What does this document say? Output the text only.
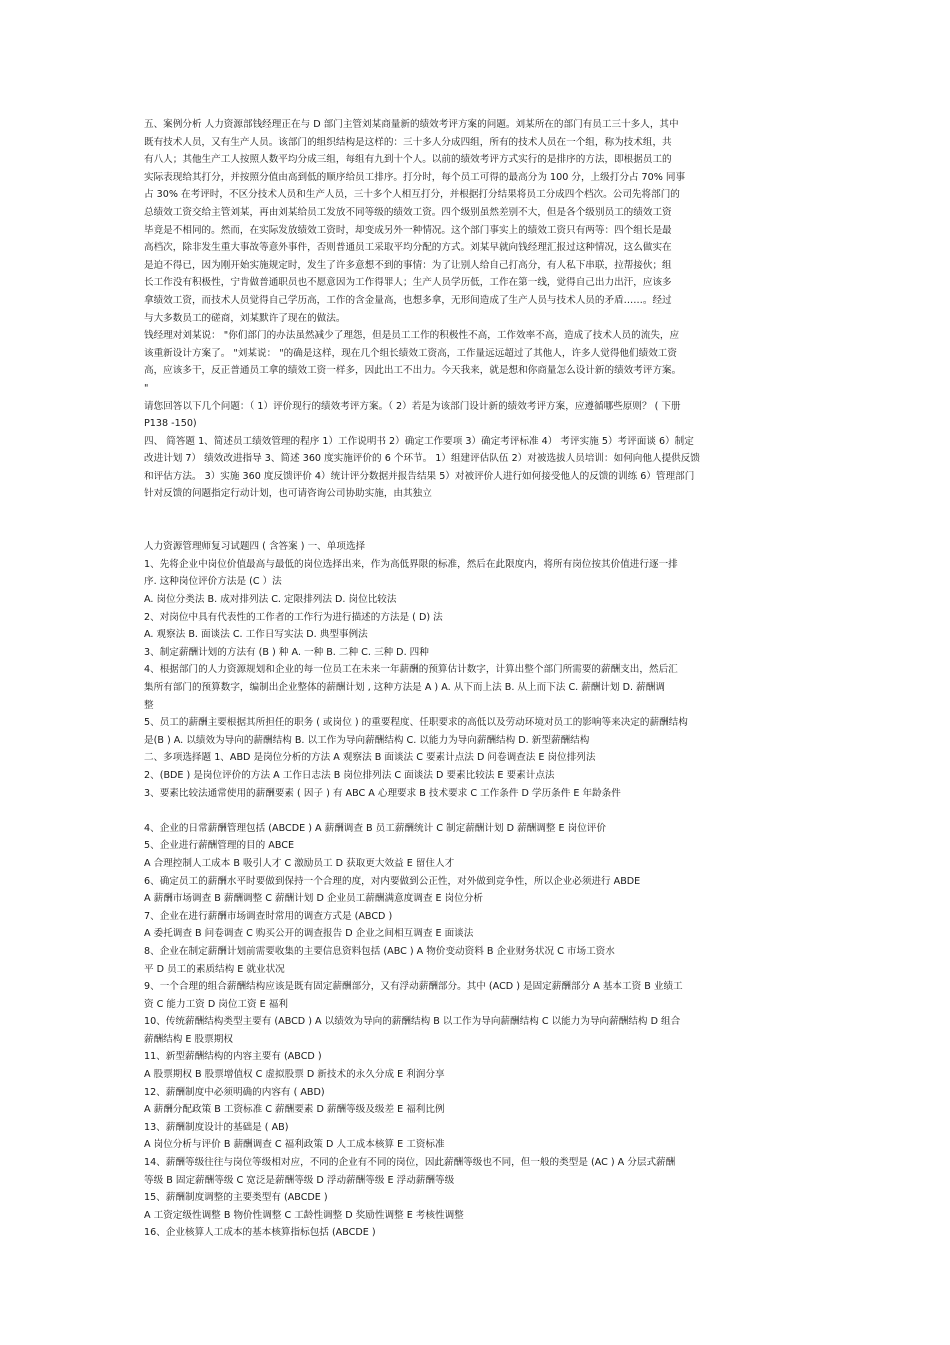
五、案例分析 人力资源部钱经理正在与 D 部门主管刘某商量新的绩效考评方案的问题。刘某所在的部门有员工三十多人，其中
既有技术人员，又有生产人员。该部门的组织结构是这样的：三十多人分成四组，所有的技术人员在一个组，称为技术组，共
有八人；其他生产工人按照人数平均分成三组，每组有九到十个人。以前的绩效考评方式实行的是排序的方法，即根据员工的
实际表现给其打分，并按照分值由高到低的顺序给员工排序。打分时，每个员工可得的最高分为 100 分，上级打分占 70% 同事
占 30% 在考评时，不区分技术人员和生产人员，三十多个人相互打分，并根据打分结果将员工分成四个档次。公司先将部门的
总绩效工资交给主管刘某，再由刘某给员工发放不同等级的绩效工资。四个级别虽然差别不大，但是各个级别员工的绩效工资
毕竟是不相同的。然而，在实际发放绩效工资时，却变成另外一种情况。这个部门事实上的绩效工资只有两等：四个组长是最
高档次，除非发生重大事故等意外事件，否则普通员工采取平均分配的方式。刘某早就向钱经理汇报过这种情况，这么做实在
是迫不得已，因为刚开始实施规定时，发生了许多意想不到的事情：为了让别人给自己打高分，有人私下串联，拉帮接伙；组
长工作没有积极性，宁肯做普通职员也不愿意因为工作得罪人；生产人员学历低，工作在第一线，觉得自己出力出汗，应该多
拿绩效工资，而技术人员觉得自己学历高，工作的含金量高，也想多拿，无形间造成了生产人员与技术人员的矛盾……。经过
与大多数员工的磋商，刘某默许了现在的做法。
钱经理对刘某说： "你们部门的办法虽然减少了理怨，但是员工工作的积极性不高，工作效率不高，造成了技术人员的流失，应
该重新设计方案了。 "刘某说： "的确是这样，现在几个组长绩效工资高，工作量远远超过了其他人，许多人觉得他们绩效工资
高，应该多干，反正普通员工拿的绩效工资一样多，因此出工不出力。今天我来，就是想和你商量怎么设计新的绩效考评方案。
"
请您回答以下几个问题：（ 1）评价现行的绩效考评方案。（ 2）若是为该部门设计新的绩效考评方案，应遵循哪些原则？ ( 下册
P138 -150)
四、 简答题 1、简述员工绩效管理的程序 1）工作说明书 2）确定工作要项 3）确定考评标准 4） 考评实施 5）考评面谈 6）制定
改进计划 7） 绩效改进指导 3、简述 360 度实施评价的 6 个环节。 1）组建评估队伍 2）对被选拔人员培训：如何向他人提供反馈
和评估方法。 3）实施 360 度反馈评价 4）统计评分数据并报告结果 5）对被评价人进行如何接受他人的反馈的训练 6）管理部门
针对反馈的问题指定行动计划，也可请咨询公司协助实施，由其独立
人力资源管理师复习试题四 ( 含答案 ) 一、单项选择
1、先将企业中岗位价值最高与最低的岗位选择出来，作为高低界限的标准，然后在此限度内，将所有岗位按其价值进行逐一排
序. 这种岗位评价方法是 (C ）法
A. 岗位分类法 B. 成对排列法 C. 定限排列法 D. 岗位比较法
2、对岗位中具有代表性的工作者的工作行为进行描述的方法是 ( D) 法
A. 观察法 B. 面谈法 C. 工作日写实法 D. 典型事例法
3、制定薪酬计划的方法有 (B ) 种 A. 一种 B. 二种 C. 三种 D. 四种
4、根据部门的人力资源规划和企业的每一位员工在未来一年薪酬的预算估计数字，计算出整个部门所需要的薪酬支出，然后汇
集所有部门的预算数字，编制出企业整体的薪酬计划 , 这种方法是 A ) A. 从下而上法 B. 从上而下法 C. 薪酬计划 D. 薪酬调
整
5、员工的薪酬主要根据其所担任的职务 ( 或岗位 ) 的重要程度、任职要求的高低以及劳动环境对员工的影响等来决定的薪酬结构
是(B ) A. 以绩效为导向的薪酬结构 B. 以工作为导向薪酬结构 C. 以能力为导向薪酬结构 D. 新型薪酬结构
二、多项选择题 1、ABD 是岗位分析的方法 A 观察法 B 面谈法 C 要素计点法 D 问卷调查法 E 岗位排列法
2、(BDE ) 是岗位评价的方法 A 工作日志法 B 岗位排列法 C 面谈法 D 要素比较法 E 要素计点法
3、要素比较法通常使用的薪酬要素 ( 因子 ) 有 ABC A 心理要求 B 技术要求 C 工作条件 D 学历条件 E 年龄条件
4、企业的日常薪酬管理包括 (ABCDE ) A 薪酬调查 B 员工薪酬统计 C 制定薪酬计划 D 薪酬调整 E 岗位评价
5、企业进行薪酬管理的目的 ABCE
A 合理控制人工成本 B 吸引人才 C 激励员工 D 获取更大效益 E 留住人才
6、确定员工的薪酬水平时要做到保持一个合理的度，对内要做到公正性，对外做到竞争性，所以企业必须进行 ABDE
A 薪酬市场调查 B 薪酬调整 C 薪酬计划 D 企业员工薪酬满意度调查 E 岗位分析
7、企业在进行薪酬市场调查时常用的调查方式是 (ABCD )
A 委托调查 B 问卷调查 C 购买公开的调查报告 D 企业之间相互调查 E 面谈法
8、企业在制定薪酬计划前需要收集的主要信息资料包括 (ABC ) A 物价变动资料 B 企业财务状况 C 市场工资水
平 D 员工的素质结构 E 就业状况
9、一个合理的组合薪酬结构应该是既有固定薪酬部分，又有浮动薪酬部分。其中 (ACD ) 是固定薪酬部分 A 基本工资 B 业绩工
资 C 能力工资 D 岗位工资 E 福利
10、传统薪酬结构类型主要有 (ABCD ) A 以绩效为导向的薪酬结构 B 以工作为导向薪酬结构 C 以能力为导向薪酬结构 D 组合
薪酬结构 E 股票期权
11、新型薪酬结构的内容主要有 (ABCD )
A 股票期权 B 股票增值权 C 虚拟股票 D 新技术的永久分成 E 利润分享
12、薪酬制度中必须明确的内容有 ( ABD)
A 薪酬分配政策 B 工资标准 C 薪酬要素 D 薪酬等级及级差 E 福利比例
13、薪酬制度设计的基础是 ( AB)
A 岗位分析与评价 B 薪酬调查 C 福利政策 D 人工成本核算 E 工资标准
14、薪酬等级往往与岗位等级相对应，不同的企业有不同的岗位，因此薪酬等级也不同，但一般的类型是 (AC ) A 分层式薪酬
等级 B 固定薪酬等级 C 宽泛是薪酬等级 D 浮动薪酬等级 E 浮动薪酬等级
15、薪酬制度调整的主要类型有 (ABCDE )
A 工资定级性调整 B 物价性调整 C 工龄性调整 D 奖励性调整 E 考核性调整
16、企业核算人工成本的基本核算指标包括 (ABCDE )
